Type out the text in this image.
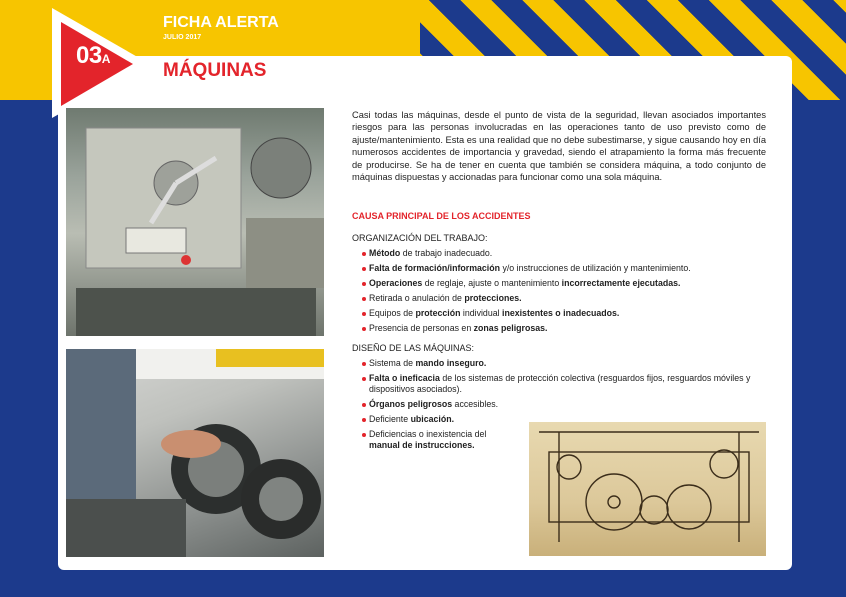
03A
FICHA ALERTA
JULIO 2017
MÁQUINAS
Casi todas las máquinas, desde el punto de vista de la seguridad, llevan asociados importantes riesgos para las personas involucradas en las operaciones tanto de uso previsto como de ajuste/mantenimiento. Esta es una realidad que no debe subestimarse, y sigue causando hoy en día numerosos accidentes de importancia y gravedad, siendo el atrapamiento la forma más frecuente de producirse. Se ha de tener en cuenta que también se considera máquina, a todo conjunto de máquinas dispuestas y accionadas para funcionar como una sola máquina.
CAUSA PRINCIPAL DE LOS ACCIDENTES
ORGANIZACIÓN DEL TRABAJO:
Método de trabajo inadecuado.
Falta de formación/información y/o instrucciones de utilización y mantenimiento.
Operaciones de reglaje, ajuste o mantenimiento incorrectamente ejecutadas.
Retirada o anulación de protecciones.
Equipos de protección individual inexistentes o inadecuados.
Presencia de personas en zonas peligrosas.
DISEÑO DE LAS MÁQUINAS:
Sistema de mando inseguro.
Falta o ineficacia de los sistemas de protección colectiva (resguardos fijos, resguardos móviles y dispositivos asociados).
Órganos peligrosos accesibles.
Deficiente ubicación.
Deficiencias o inexistencia del manual de instrucciones.
